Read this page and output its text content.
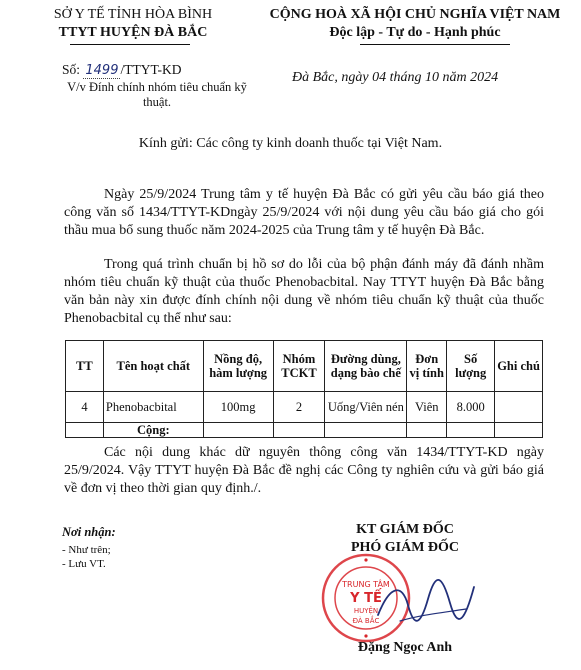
SỞ Y TẾ TỈNH HÒA BÌNH
TTYT HUYỆN ĐÀ BẮC
CỘNG HOÀ XÃ HỘI CHỦ NGHĨA VIỆT NAM
Độc lập - Tự do - Hạnh phúc
Số: 1499 /TTYT-KD
V/v Đính chính nhóm tiêu chuẩn kỹ thuật.
Đà Bắc, ngày 04 tháng 10 năm 2024
Kính gửi: Các công ty kinh doanh thuốc tại Việt Nam.
Ngày 25/9/2024 Trung tâm y tế huyện Đà Bắc có gửi yêu cầu báo giá theo công văn số 1434/TTYT-KDngày 25/9/2024 với nội dung yêu cầu báo giá cho gói thầu mua bổ sung thuốc năm 2024-2025 của Trung tâm y tế huyện Đà Bắc.
Trong quá trình chuẩn bị hồ sơ do lỗi của bộ phận đánh máy đã đánh nhầm nhóm tiêu chuẩn kỹ thuật của thuốc Phenobacbital. Nay TTYT huyện Đà Bắc bằng văn bản này xin được đính chính nội dung về nhóm tiêu chuẩn kỹ thuật của thuốc Phenobacbital cụ thể như sau:
TT	Tên hoạt chất	Nồng độ, hàm lượng	Nhóm TCKT	Đường dùng, dạng bào chế	Đơn vị tính	Số lượng	Ghi chú
4	Phenobacbital	100mg	2	Uống/Viên nén	Viên	8.000	
	Cộng:						
Các nội dung khác dữ nguyên thông công văn 1434/TTYT-KD ngày 25/9/2024. Vậy TTYT huyện Đà Bắc đề nghị các Công ty nghiên cứu và gửi báo giá về đơn vị theo thời gian quy định./.
Nơi nhận:
- Như trên;
- Lưu VT.
KT GIÁM ĐỐC
PHÓ GIÁM ĐỐC
TRUNG TÂM
Y TẾ
HUYỆN
ĐÀ BẮC
Đặng Ngọc Anh
